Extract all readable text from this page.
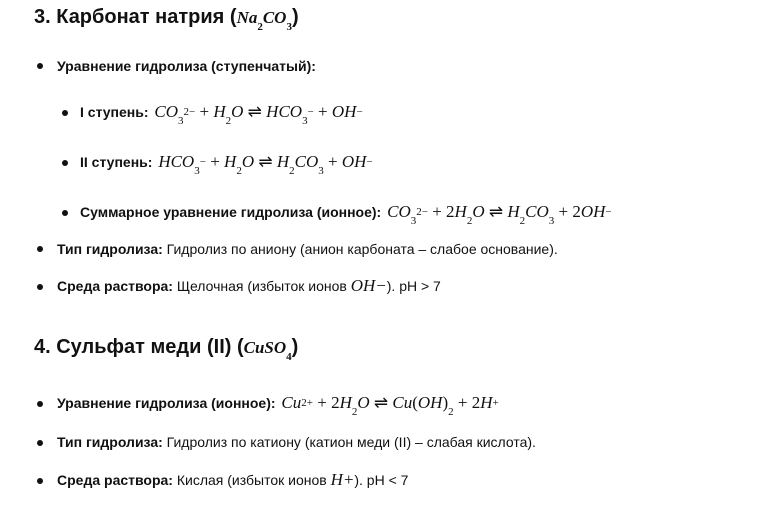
3. Карбонат натрия $(Na_2CO_3)$
Уравнение гидролиза (ступенчатый):
I ступень: $CO_3^{2-} + H_2O$ ⇌ $HCO_3^- + OH^-$
II ступень: $HCO_3^- + H_2O$ ⇌ $H_2CO_3 + OH^-$
Суммарное уравнение гидролиза (ионное): $CO_3^{2-} + 2H_2O$ ⇌ $H_2CO_3 + 2OH^-$
Тип гидролиза: Гидролиз по аниону (анион карбоната – слабое основание).
Среда раствора: Щелочная (избыток ионов OH−). pH > 7
4. Сульфат меди (II) (CuSO$_4$)
Уравнение гидролиза (ионное): $Cu^{2+} + 2H_2O$ ⇌ $Cu(OH)_2 + 2H^+$
Тип гидролиза: Гидролиз по катиону (катион меди (II) – слабая кислота).
Среда раствора: Кислая (избыток ионов H+). pH < 7
